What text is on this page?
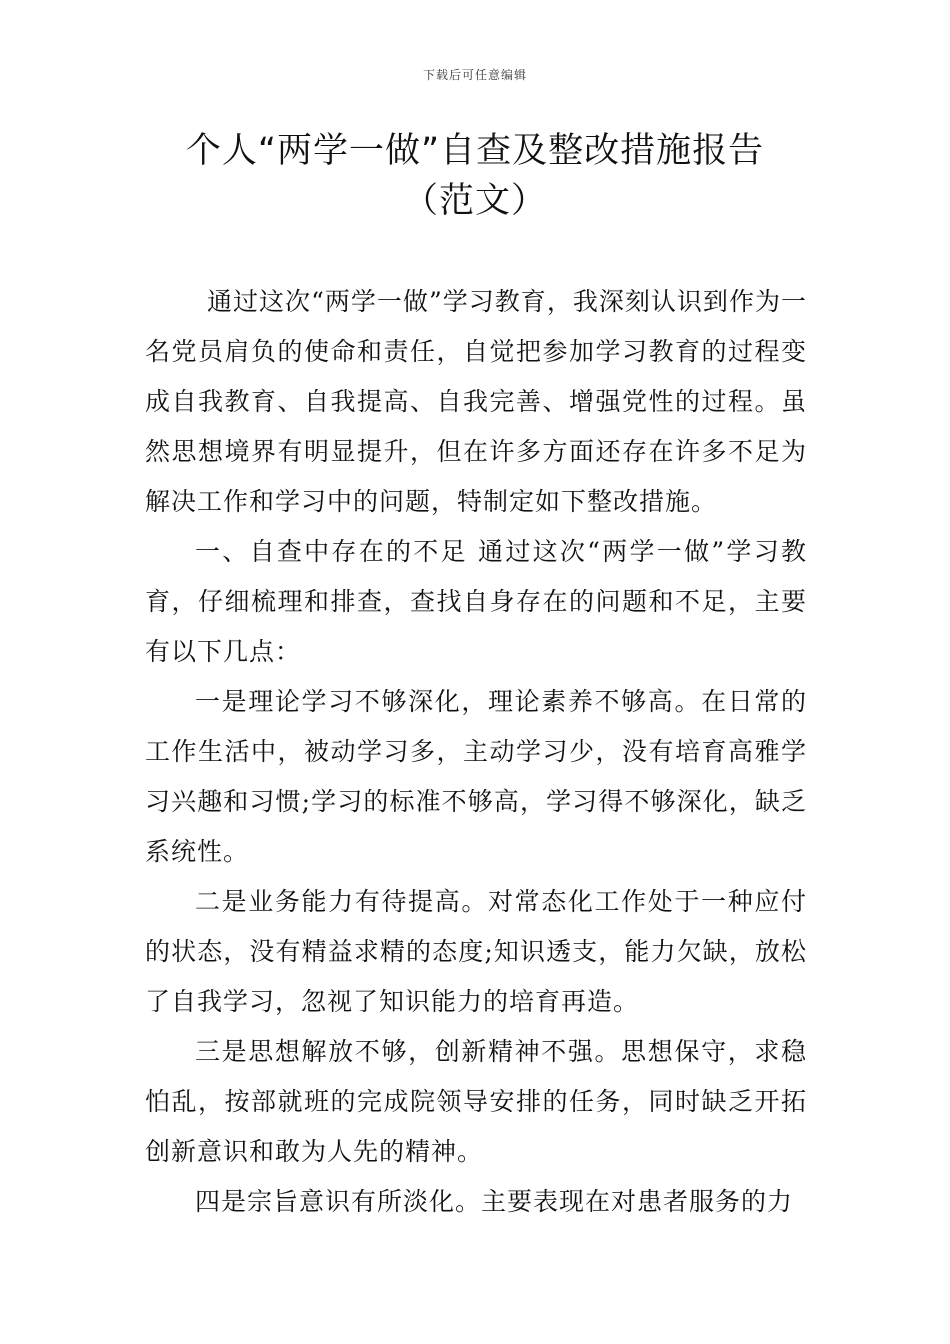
下载后可任意编辑
个人“两学一做”自查及整改措施报告
（范文）

通过这次“两学一做”学习教育，我深刻认识到作为一名党员肩负的使命和责任，自觉把参加学习教育的过程变成自我教育、自我提高、自我完善、增强党性的过程。虽然思想境界有明显提升，但在许多方面还存在许多不足为解决工作和学习中的问题，特制定如下整改措施。

一、自查中存在的不足 通过这次“两学一做”学习教育，仔细梳理和排查，查找自身存在的问题和不足，主要有以下几点：

一是理论学习不够深化，理论素养不够高。在日常的工作生活中，被动学习多，主动学习少，没有培育高雅学习兴趣和习惯;学习的标准不够高，学习得不够深化，缺乏系统性。

二是业务能力有待提高。对常态化工作处于一种应付的状态，没有精益求精的态度;知识透支，能力欠缺，放松了自我学习，忽视了知识能力的培育再造。

三是思想解放不够，创新精神不强。思想保守，求稳怕乱，按部就班的完成院领导安排的任务，同时缺乏开拓创新意识和敢为人先的精神。

四是宗旨意识有所淡化。主要表现在对患者服务的力
